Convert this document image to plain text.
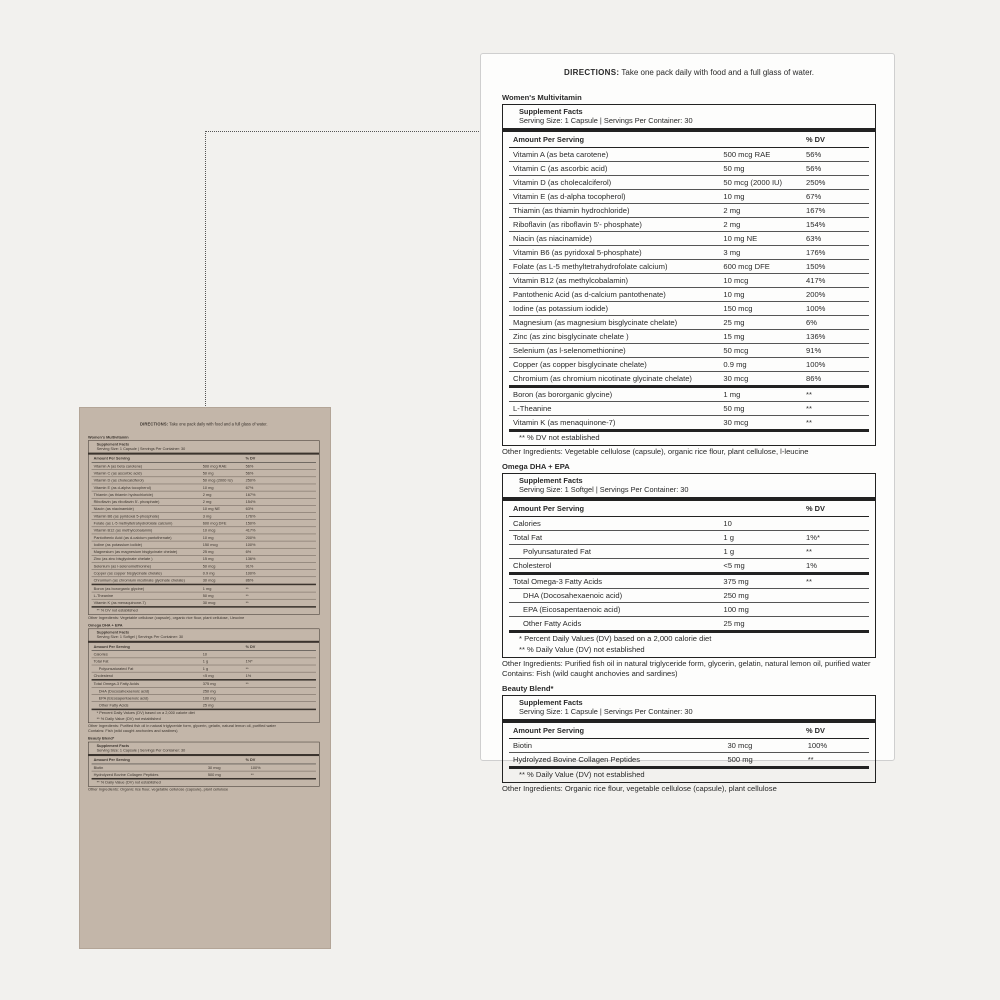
DIRECTIONS: Take one pack daily with food and a full glass of water.

Women's Multivitamin
Supplement Facts
Serving Size: 1 Capsule | Servings Per Container: 30
Amount Per Serving	% DV
Vitamin A (as beta carotene)	500 mcg RAE	56%
Vitamin C (as ascorbic acid)	50 mg	56%
Vitamin D (as cholecalciferol)	50 mcg (2000 IU)	250%
Vitamin E (as d-alpha tocopherol)	10 mg	67%
Thiamin (as thiamin hydrochloride)	2 mg	167%
Riboflavin (as riboflavin 5'- phosphate)	2 mg	154%
Niacin (as niacinamide)	10 mg NE	63%
Vitamin B6 (as pyridoxal 5-phosphate)	3 mg	176%
Folate (as L-5 methyltetrahydrofolate calcium)	600 mcg DFE	150%
Vitamin B12 (as methylcobalamin)	10 mcg	417%
Pantothenic Acid (as d-calcium pantothenate)	10 mg	200%
Iodine (as potassium iodide)	150 mcg	100%
Magnesium (as magnesium bisglycinate chelate)	25 mg	6%
Zinc (as zinc bisglycinate chelate )	15 mg	136%
Selenium (as l-selenomethionine)	50 mcg	91%
Copper (as copper bisglycinate chelate)	0.9 mg	100%
Chromium (as chromium nicotinate glycinate chelate)	30 mcg	86%
Boron (as bororganic glycine)	1 mg	**
L-Theanine	50 mg	**
Vitamin K (as menaquinone-7)	30 mcg	**
** % DV not established
Other Ingredients: Vegetable cellulose (capsule), organic rice flour, plant cellulose, l-leucine
Omega DHA + EPA
Supplement Facts
Serving Size: 1 Softgel | Servings Per Container: 30
Amount Per Serving	% DV
Calories	10
Total Fat	1 g	1%*
Polyunsaturated Fat	1 g	**
Cholesterol	<5 mg	1%
Total Omega-3 Fatty Acids	375 mg	**
DHA (Docosahexaenoic acid)	250 mg
EPA (Eicosapentaenoic acid)	100 mg
Other Fatty Acids	25 mg
* Percent Daily Values (DV) based on a 2,000 calorie diet
** % Daily Value (DV) not established
Other Ingredients: Purified fish oil in natural triglyceride form, glycerin, gelatin, natural lemon oil, purified water
Contains: Fish (wild caught anchovies and sardines)
Beauty Blend*
Supplement Facts
Serving Size: 1 Capsule | Servings Per Container: 30
Amount Per Serving	% DV
Biotin	30 mcg	100%
Hydrolyzed Bovine Collagen Peptides	500 mg	**
** % Daily Value (DV) not established
Other Ingredients: Organic rice flour, vegetable cellulose (capsule), plant cellulose

DIRECTIONS: Take one pack daily with food and a full glass of water.

Women's Multivitamin
Supplement Facts
Serving Size: 1 Capsule | Servings Per Container: 30
Amount Per Serving	% DV
Vitamin A (as beta carotene)	500 mcg RAE	56%
Vitamin C (as ascorbic acid)	50 mg	56%
Vitamin D (as cholecalciferol)	50 mcg (2000 IU)	250%
Vitamin E (as d-alpha tocopherol)	10 mg	67%
Thiamin (as thiamin hydrochloride)	2 mg	167%
Riboflavin (as riboflavin 5'- phosphate)	2 mg	154%
Niacin (as niacinamide)	10 mg NE	63%
Vitamin B6 (as pyridoxal 5-phosphate)	3 mg	176%
Folate (as L-5 methyltetrahydrofolate calcium)	600 mcg DFE	150%
Vitamin B12 (as methylcobalamin)	10 mcg	417%
Pantothenic Acid (as d-calcium pantothenate)	10 mg	200%
Iodine (as potassium iodide)	150 mcg	100%
Magnesium (as magnesium bisglycinate chelate)	25 mg	6%
Zinc (as zinc bisglycinate chelate )	15 mg	136%
Selenium (as l-selenomethionine)	50 mcg	91%
Copper (as copper bisglycinate chelate)	0.9 mg	100%
Chromium (as chromium nicotinate glycinate chelate)	30 mcg	86%
Boron (as bororganic glycine)	1 mg	**
L-Theanine	50 mg	**
Vitamin K (as menaquinone-7)	30 mcg	**
** % DV not established
Other Ingredients: Vegetable cellulose (capsule), organic rice flour, plant cellulose, l-leucine
Omega DHA + EPA
Supplement Facts
Serving Size: 1 Softgel | Servings Per Container: 30
Amount Per Serving	% DV
Calories	10
Total Fat	1 g	1%*
Polyunsaturated Fat	1 g	**
Cholesterol	<5 mg	1%
Total Omega-3 Fatty Acids	375 mg	**
DHA (Docosahexaenoic acid)	250 mg
EPA (Eicosapentaenoic acid)	100 mg
Other Fatty Acids	25 mg
* Percent Daily Values (DV) based on a 2,000 calorie diet
** % Daily Value (DV) not established
Other Ingredients: Purified fish oil in natural triglyceride form, glycerin, gelatin, natural lemon oil, purified water
Contains: Fish (wild caught anchovies and sardines)
Beauty Blend*
Supplement Facts
Serving Size: 1 Capsule | Servings Per Container: 30
Amount Per Serving	% DV
Biotin	30 mcg	100%
Hydrolyzed Bovine Collagen Peptides	500 mg	**
** % Daily Value (DV) not established
Other Ingredients: Organic rice flour, vegetable cellulose (capsule), plant cellulose
